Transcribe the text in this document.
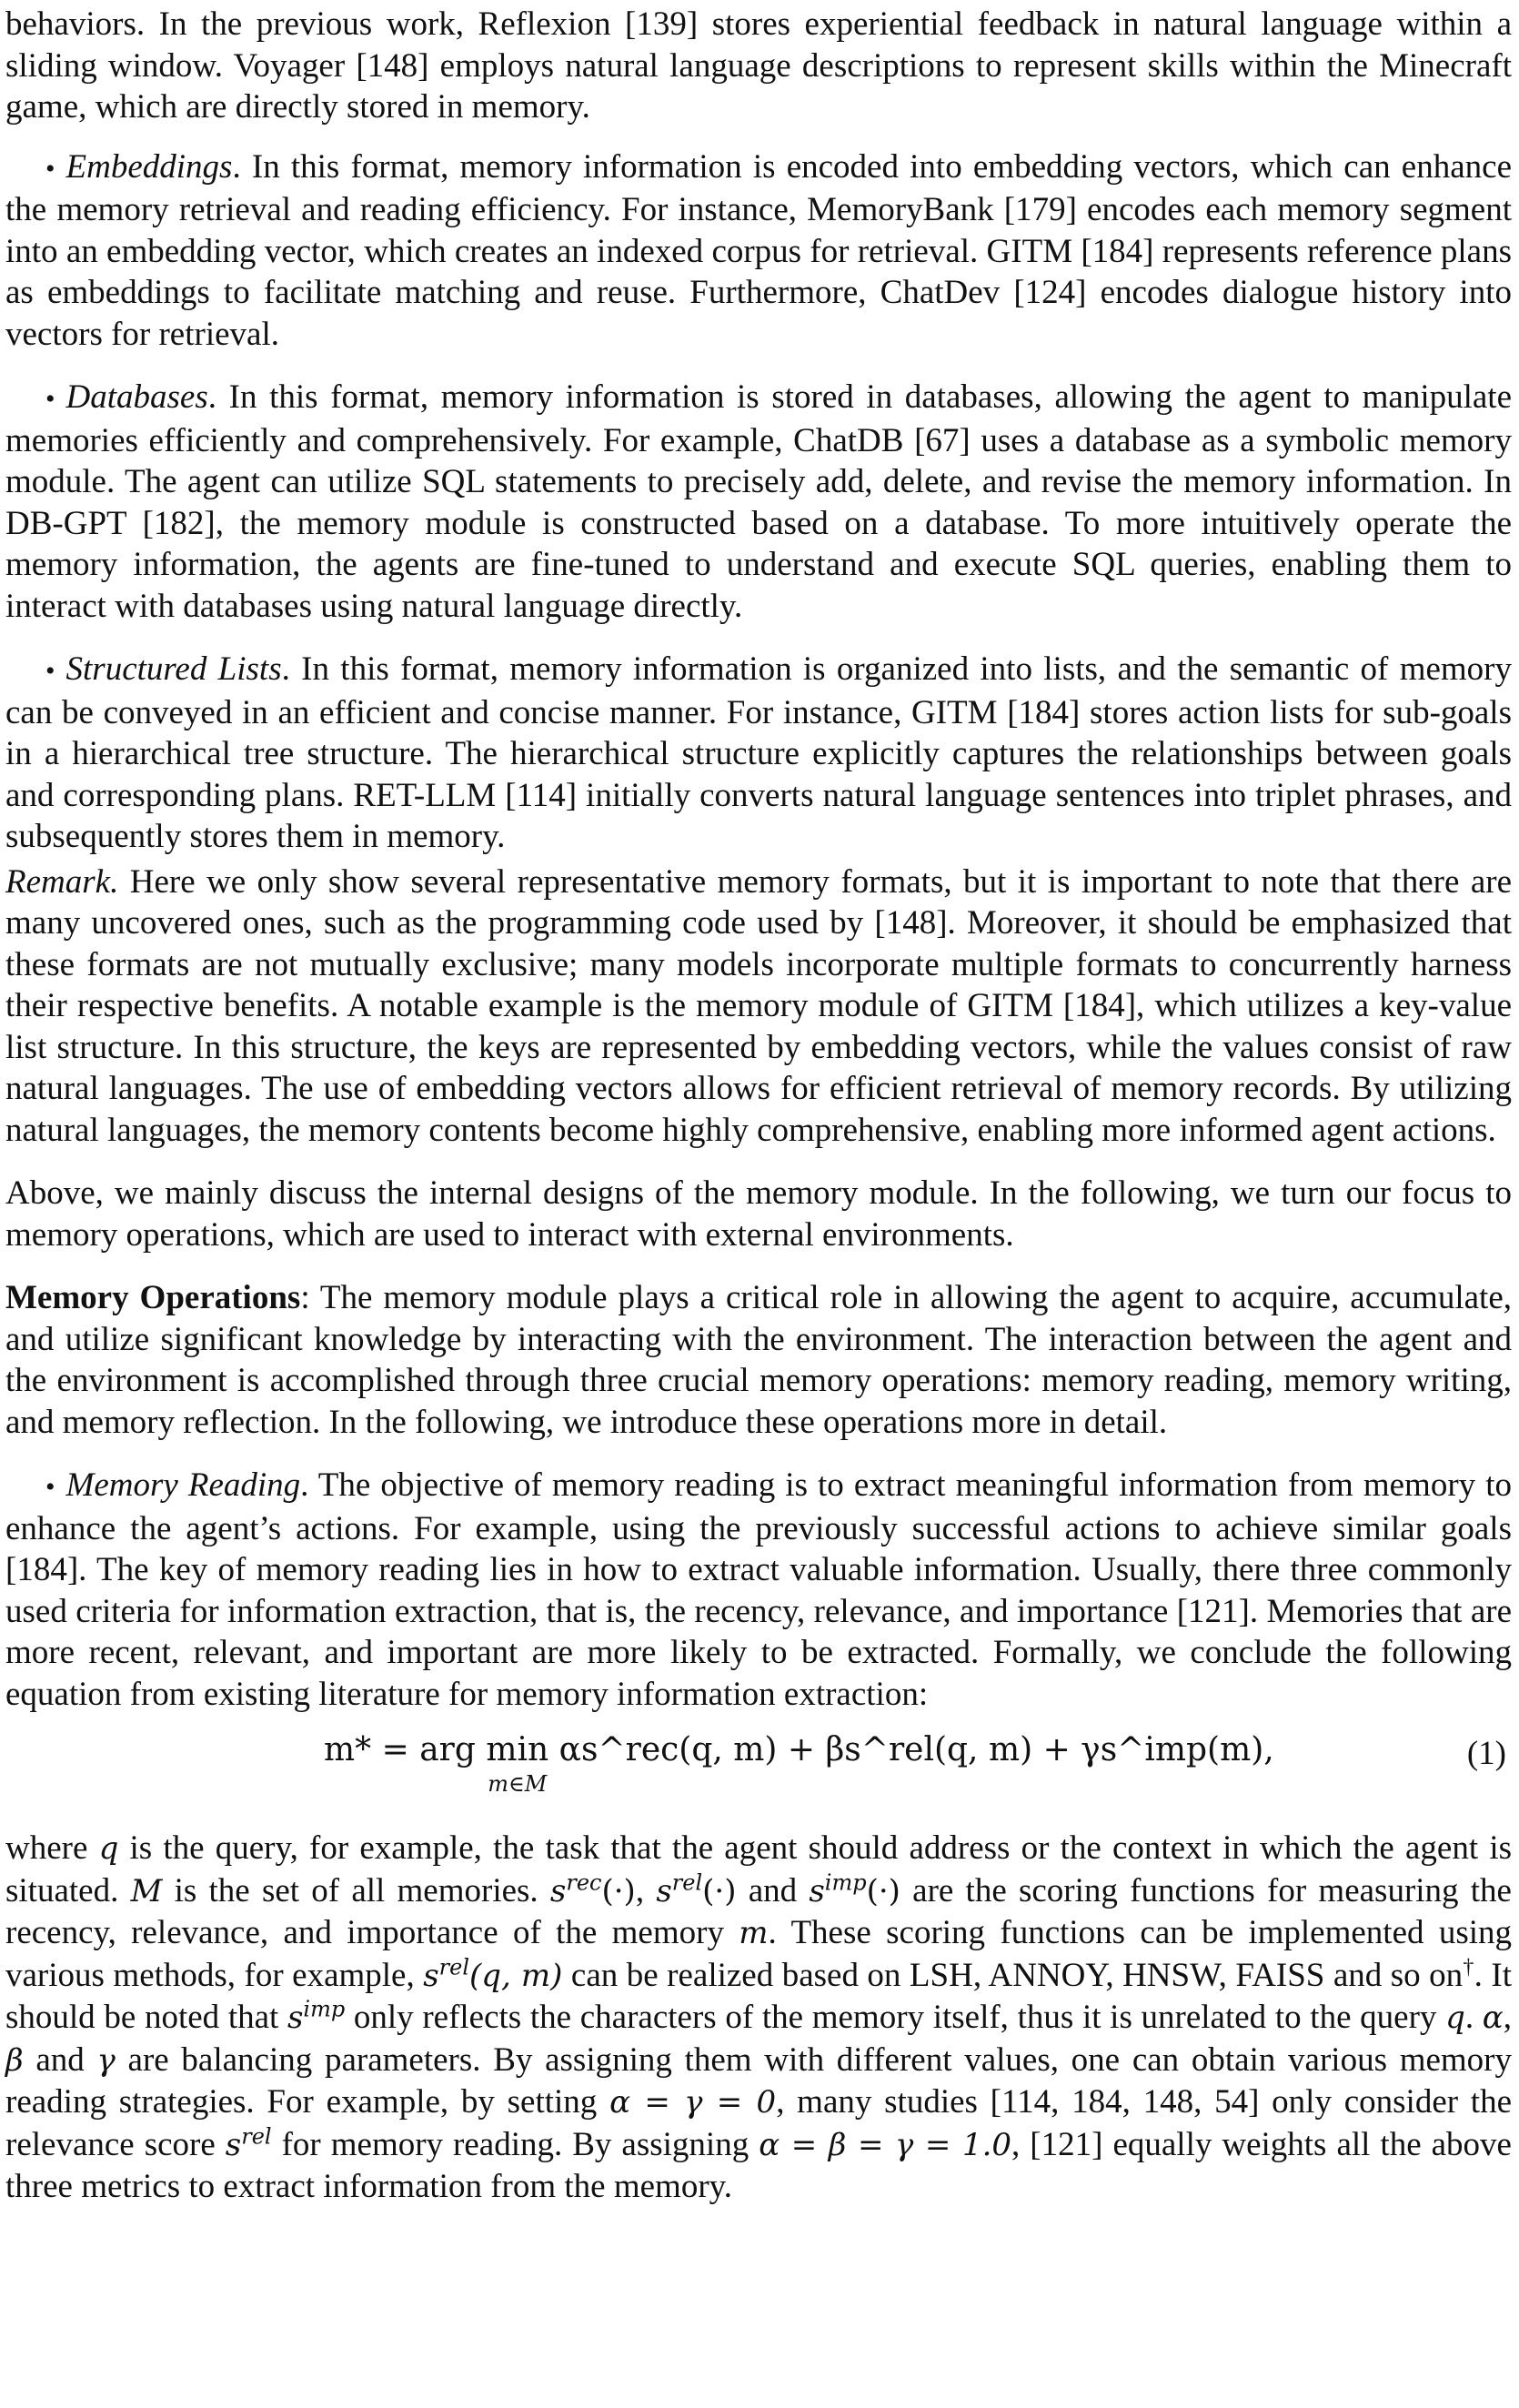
behaviors. In the previous work, Reflexion [139] stores experiential feedback in natural language within a sliding window. Voyager [148] employs natural language descriptions to represent skills within the Minecraft game, which are directly stored in memory.

• Embeddings. In this format, memory information is encoded into embedding vectors, which can enhance the memory retrieval and reading efficiency. For instance, MemoryBank [179] encodes each memory segment into an embedding vector, which creates an indexed corpus for retrieval. GITM [184] represents reference plans as embeddings to facilitate matching and reuse. Furthermore, ChatDev [124] encodes dialogue history into vectors for retrieval.

• Databases. In this format, memory information is stored in databases, allowing the agent to manipulate memories efficiently and comprehensively. For example, ChatDB [67] uses a database as a symbolic memory module. The agent can utilize SQL statements to precisely add, delete, and revise the memory information. In DB-GPT [182], the memory module is constructed based on a database. To more intuitively operate the memory information, the agents are fine-tuned to understand and execute SQL queries, enabling them to interact with databases using natural language directly.

• Structured Lists. In this format, memory information is organized into lists, and the semantic of memory can be conveyed in an efficient and concise manner. For instance, GITM [184] stores action lists for sub-goals in a hierarchical tree structure. The hierarchical structure explicitly captures the relationships between goals and corresponding plans. RET-LLM [114] initially converts natural language sentences into triplet phrases, and subsequently stores them in memory.

Remark. Here we only show several representative memory formats, but it is important to note that there are many uncovered ones, such as the programming code used by [148]. Moreover, it should be emphasized that these formats are not mutually exclusive; many models incorporate multiple formats to concurrently harness their respective benefits. A notable example is the memory module of GITM [184], which utilizes a key-value list structure. In this structure, the keys are represented by embedding vectors, while the values consist of raw natural languages. The use of embedding vectors allows for efficient retrieval of memory records. By utilizing natural languages, the memory contents become highly comprehensive, enabling more informed agent actions.

Above, we mainly discuss the internal designs of the memory module. In the following, we turn our focus to memory operations, which are used to interact with external environments.

Memory Operations: The memory module plays a critical role in allowing the agent to acquire, accumulate, and utilize significant knowledge by interacting with the environment. The interaction between the agent and the environment is accomplished through three crucial memory operations: memory reading, memory writing, and memory reflection. In the following, we introduce these operations more in detail.

• Memory Reading. The objective of memory reading is to extract meaningful information from memory to enhance the agent’s actions. For example, using the previously successful actions to achieve similar goals [184]. The key of memory reading lies in how to extract valuable information. Usually, there three commonly used criteria for information extraction, that is, the recency, relevance, and importance [121]. Memories that are more recent, relevant, and important are more likely to be extracted. Formally, we conclude the following equation from existing literature for memory information extraction:

m* = arg min
m∈M
αs^rec(q, m) + βs^rel(q, m) + γs^imp(m),	(1)

where q is the query, for example, the task that the agent should address or the context in which the agent is situated. M is the set of all memories. $s^{rec}(\cdot)$, $s^{rel}(\cdot)$ and $s^{imp}(\cdot)$ are the scoring functions for measuring the recency, relevance, and importance of the memory m. These scoring functions can be implemented using various methods, for example, $s^{rel}(q$, m) can be realized based on LSH, ANNOY, HNSW, FAISS and so on†. It should be noted that $s^{imp}$ only reflects the characters of the memory itself, thus it is unrelated to the query q. α, β and γ are balancing parameters. By assigning them with different values, one can obtain various memory reading strategies. For example, by setting α = γ = 0, many studies [114, 184, 148, 54] only consider the relevance score $s^{rel}$ for memory reading. By assigning α = β = γ = 1.0, [121] equally weights all the above three metrics to extract information from the memory.
